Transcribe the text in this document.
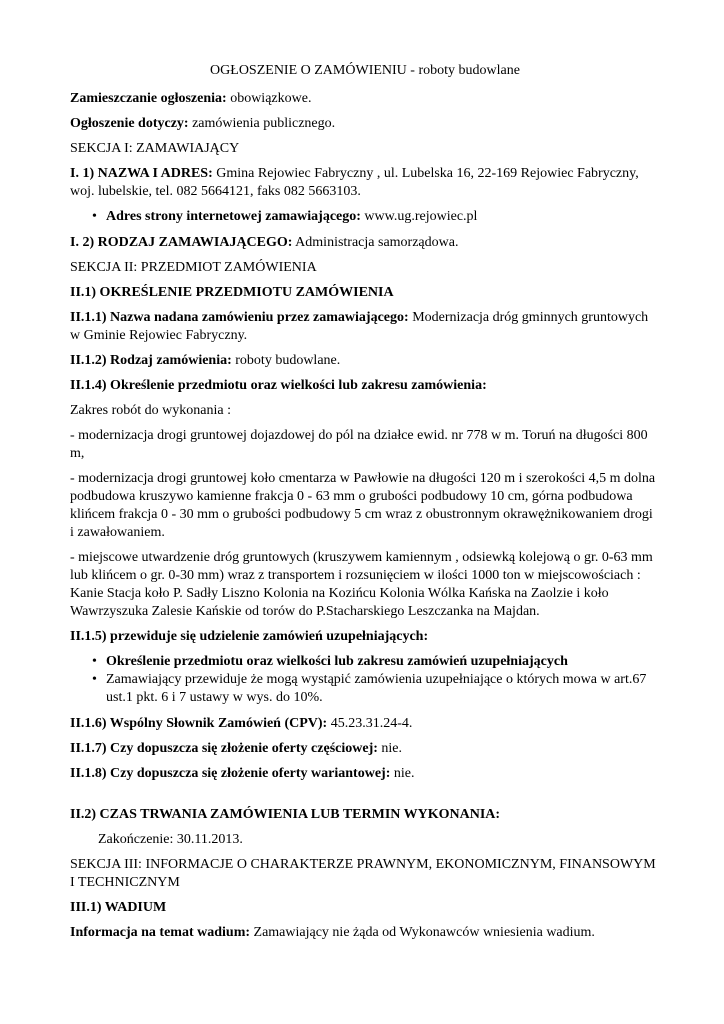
OGŁOSZENIE O ZAMÓWIENIU - roboty budowlane

Zamieszczanie ogłoszenia: obowiązkowe.

Ogłoszenie dotyczy: zamówienia publicznego.

SEKCJA I: ZAMAWIAJĄCY

I. 1) NAZWA I ADRES: Gmina Rejowiec Fabryczny , ul. Lubelska 16, 22-169 Rejowiec Fabryczny, woj. lubelskie, tel. 082 5664121, faks 082 5663103.

• Adres strony internetowej zamawiającego: www.ug.rejowiec.pl

I. 2) RODZAJ ZAMAWIAJĄCEGO: Administracja samorządowa.

SEKCJA II: PRZEDMIOT ZAMÓWIENIA

II.1) OKREŚLENIE PRZEDMIOTU ZAMÓWIENIA

II.1.1) Nazwa nadana zamówieniu przez zamawiającego: Modernizacja dróg gminnych gruntowych w Gminie Rejowiec Fabryczny.

II.1.2) Rodzaj zamówienia: roboty budowlane.

II.1.4) Określenie przedmiotu oraz wielkości lub zakresu zamówienia:

Zakres robót do wykonania :

- modernizacja drogi gruntowej dojazdowej do pól na działce ewid. nr 778 w m. Toruń na długości 800 m,

- modernizacja drogi gruntowej koło cmentarza w Pawłowie na długości 120 m i szerokości 4,5 m dolna podbudowa kruszywo kamienne frakcja 0 - 63 mm o grubości podbudowy 10 cm, górna podbudowa klińcem frakcja 0 - 30 mm o grubości podbudowy 5 cm wraz z obustronnym okrawężnikowaniem drogi i zawałowaniem.

- miejscowe utwardzenie dróg gruntowych (kruszywem kamiennym , odsiewką kolejową o gr. 0-63 mm lub klińcem o gr. 0-30 mm) wraz z transportem i rozsunięciem w ilości 1000 ton w miejscowościach : Kanie Stacja koło P. Sadły Liszno Kolonia na Kozińcu Kolonia Wólka Kańska na Zaolzie i koło Wawrzyszuka Zalesie Kańskie od torów do P.Stacharskiego Leszczanka na Majdan.

II.1.5) przewiduje się udzielenie zamówień uzupełniających:

• Określenie przedmiotu oraz wielkości lub zakresu zamówień uzupełniających
• Zamawiający przewiduje że mogą wystąpić zamówienia uzupełniające o których mowa w art.67 ust.1 pkt. 6 i 7 ustawy w wys. do 10%.

II.1.6) Wspólny Słownik Zamówień (CPV): 45.23.31.24-4.

II.1.7) Czy dopuszcza się złożenie oferty częściowej: nie.

II.1.8) Czy dopuszcza się złożenie oferty wariantowej: nie.

II.2) CZAS TRWANIA ZAMÓWIENIA LUB TERMIN WYKONANIA:

Zakończenie: 30.11.2013.

SEKCJA III: INFORMACJE O CHARAKTERZE PRAWNYM, EKONOMICZNYM, FINANSOWYM I TECHNICZNYM

III.1) WADIUM

Informacja na temat wadium: Zamawiający nie żąda od Wykonawców wniesienia wadium.
